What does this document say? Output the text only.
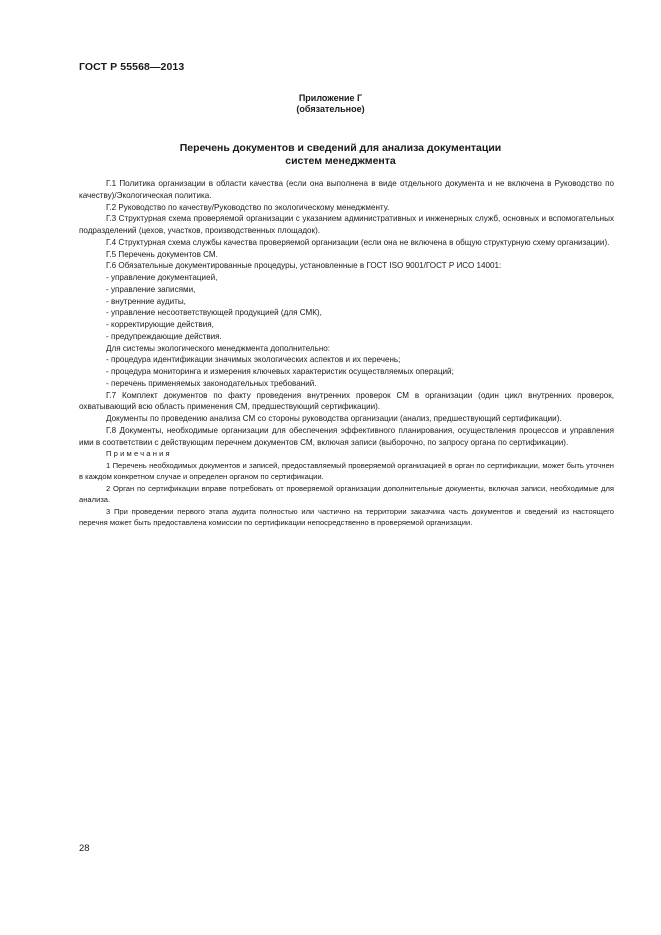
ГОСТ Р 55568—2013
Приложение Г
(обязательное)
Перечень документов и сведений для анализа документации
систем менеджмента

Г.1 Политика организации в области качества (если она выполнена в виде отдельного документа и не включена в Руководство по качеству)/Экологическая политика.

Г.2 Руководство по качеству/Руководство по экологическому менеджменту.

Г.3 Структурная схема проверяемой организации с указанием административных и инженерных служб, основных и вспомогательных подразделений (цехов, участков, производственных площадок).

Г.4 Структурная схема службы качества проверяемой организации (если она не включена в общую структурную схему организации).

Г.5 Перечень документов СМ.

Г.6 Обязательные документированные процедуры, установленные в ГОСТ ISO 9001/ГОСТ Р ИСО 14001:

- управление документацией,

- управление записями,

- внутренние аудиты,

- управление несоответствующей продукцией (для СМК),

- корректирующие действия,

- предупреждающие действия.

Для системы экологического менеджмента дополнительно:

- процедура идентификации значимых экологических аспектов и их перечень;

- процедура мониторинга и измерения ключевых характеристик осуществляемых операций;

- перечень применяемых законодательных требований.

Г.7 Комплект документов по факту проведения внутренних проверок СМ в организации (один цикл внутренних проверок, охватывающий всю область применения СМ, предшествующий сертификации).

Документы по проведению анализа СМ со стороны руководства организации (анализ, предшествующий сертификации).

Г.8 Документы, необходимые организации для обеспечения эффективного планирования, осуществления процессов и управления ими в соответствии с действующим перечнем документов СМ, включая записи (выборочно, по запросу органа по сертификации).

Примечания

1 Перечень необходимых документов и записей, предоставляемый проверяемой организацией в орган по сертификации, может быть уточнен в каждом конкретном случае и определен органом по сертификации.

2 Орган по сертификации вправе потребовать от проверяемой организации дополнительные документы, включая записи, необходимые для анализа.

3 При проведении первого этапа аудита полностью или частично на территории заказчика часть документов и сведений из настоящего перечня может быть предоставлена комиссии по сертификации непосредственно в проверяемой организации.

28
